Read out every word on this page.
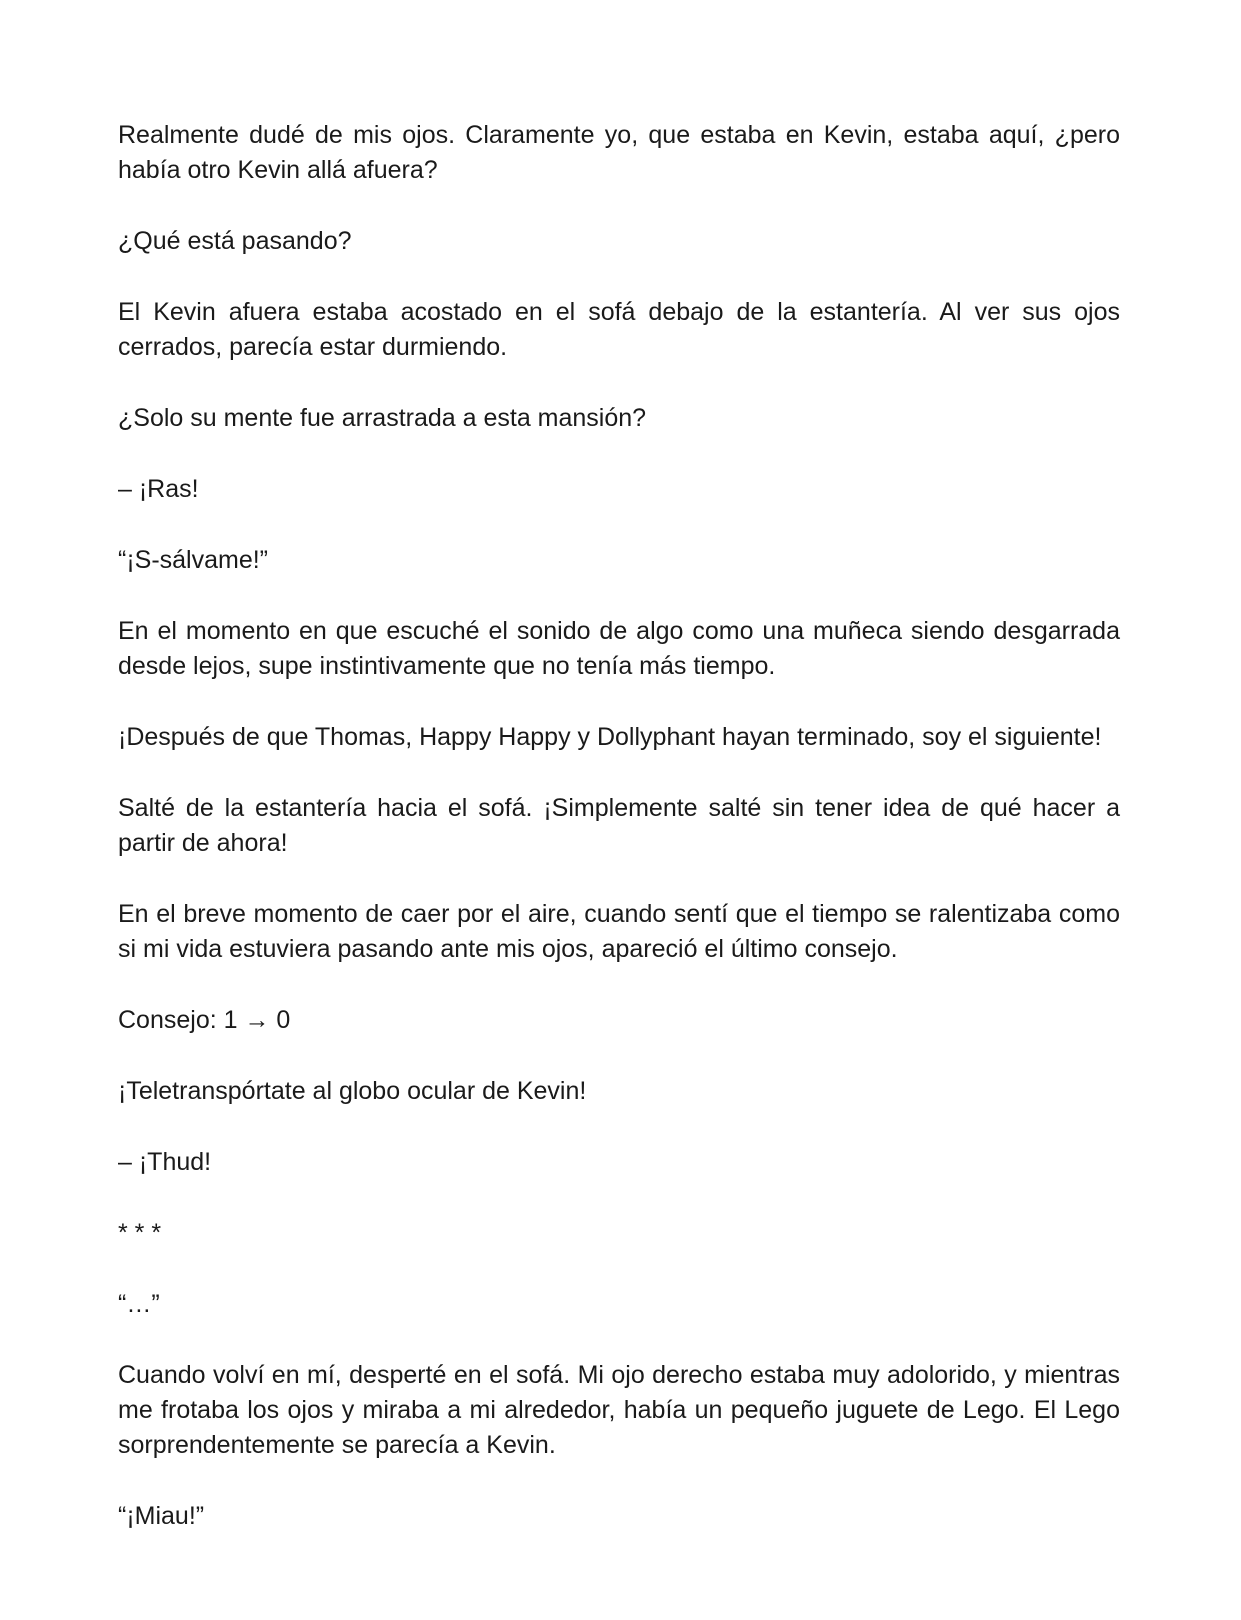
Realmente dudé de mis ojos. Claramente yo, que estaba en Kevin, estaba aquí, ¿pero había otro Kevin allá afuera?

¿Qué está pasando?

El Kevin afuera estaba acostado en el sofá debajo de la estantería. Al ver sus ojos cerrados, parecía estar durmiendo.

¿Solo su mente fue arrastrada a esta mansión?

– ¡Ras!

“¡S-sálvame!”

En el momento en que escuché el sonido de algo como una muñeca siendo desgarrada desde lejos, supe instintivamente que no tenía más tiempo.

¡Después de que Thomas, Happy Happy y Dollyphant hayan terminado, soy el siguiente!

Salté de la estantería hacia el sofá. ¡Simplemente salté sin tener idea de qué hacer a partir de ahora!

En el breve momento de caer por el aire, cuando sentí que el tiempo se ralentizaba como si mi vida estuviera pasando ante mis ojos, apareció el último consejo.

Consejo: 1 → 0

¡Teletranspórtate al globo ocular de Kevin!

– ¡Thud!

* * *

“…”

Cuando volví en mí, desperté en el sofá. Mi ojo derecho estaba muy adolorido, y mientras me frotaba los ojos y miraba a mi alrededor, había un pequeño juguete de Lego. El Lego sorprendentemente se parecía a Kevin.

“¡Miau!”
